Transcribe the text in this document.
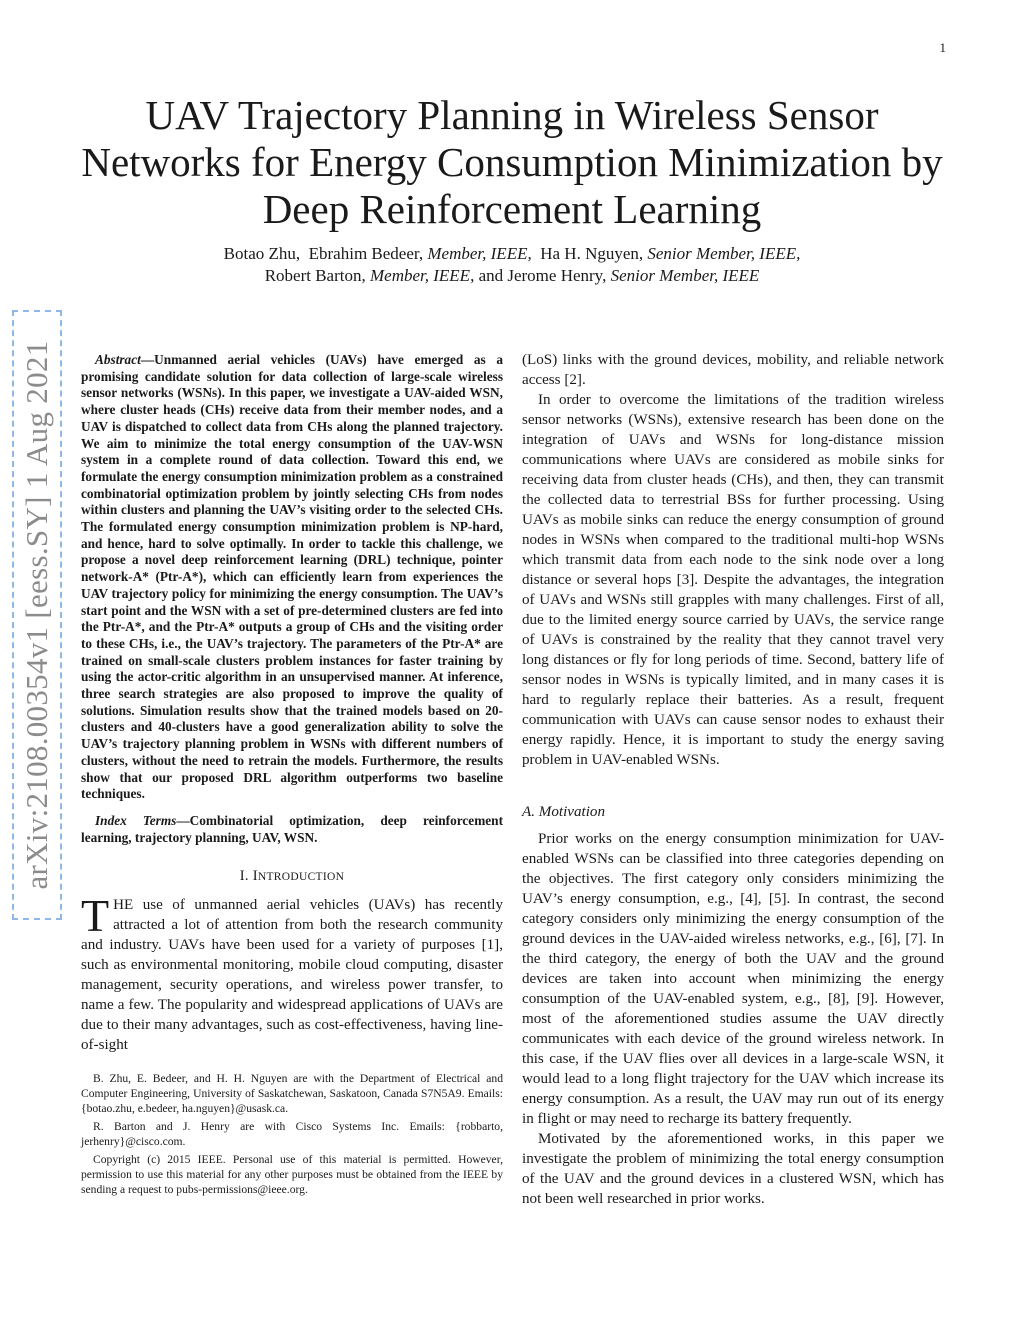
1
arXiv:2108.00354v1 [eess.SY] 1 Aug 2021
UAV Trajectory Planning in Wireless Sensor Networks for Energy Consumption Minimization by Deep Reinforcement Learning
Botao Zhu, Ebrahim Bedeer, Member, IEEE, Ha H. Nguyen, Senior Member, IEEE,
Robert Barton, Member, IEEE, and Jerome Henry, Senior Member, IEEE

Abstract—Unmanned aerial vehicles (UAVs) have emerged as a promising candidate solution for data collection of large-scale wireless sensor networks (WSNs). In this paper, we investigate a UAV-aided WSN, where cluster heads (CHs) receive data from their member nodes, and a UAV is dispatched to collect data from CHs along the planned trajectory. We aim to minimize the total energy consumption of the UAV-WSN system in a complete round of data collection. Toward this end, we formulate the energy consumption minimization problem as a constrained combinatorial optimization problem by jointly selecting CHs from nodes within clusters and planning the UAV’s visiting order to the selected CHs. The formulated energy consumption minimization problem is NP-hard, and hence, hard to solve optimally. In order to tackle this challenge, we propose a novel deep reinforcement learning (DRL) technique, pointer network-A* (Ptr-A*), which can efficiently learn from experiences the UAV trajectory policy for minimizing the energy consumption. The UAV’s start point and the WSN with a set of pre-determined clusters are fed into the Ptr-A*, and the Ptr-A* outputs a group of CHs and the visiting order to these CHs, i.e., the UAV’s trajectory. The parameters of the Ptr-A* are trained on small-scale clusters problem instances for faster training by using the actor-critic algorithm in an unsupervised manner. At inference, three search strategies are also proposed to improve the quality of solutions. Simulation results show that the trained models based on 20-clusters and 40-clusters have a good generalization ability to solve the UAV’s trajectory planning problem in WSNs with different numbers of clusters, without the need to retrain the models. Furthermore, the results show that our proposed DRL algorithm outperforms two baseline techniques.

Index Terms—Combinatorial optimization, deep reinforcement learning, trajectory planning, UAV, WSN.

I. INTRODUCTION

THE use of unmanned aerial vehicles (UAVs) has recently attracted a lot of attention from both the research community and industry. UAVs have been used for a variety of purposes [1], such as environmental monitoring, mobile cloud computing, disaster management, security operations, and wireless power transfer, to name a few. The popularity and widespread applications of UAVs are due to their many advantages, such as cost-effectiveness, having line-of-sight

B. Zhu, E. Bedeer, and H. H. Nguyen are with the Department of Electrical and Computer Engineering, University of Saskatchewan, Saskatoon, Canada S7N5A9. Emails: {botao.zhu, e.bedeer, ha.nguyen}@usask.ca.

R. Barton and J. Henry are with Cisco Systems Inc. Emails: {robbarto, jerhenry}@cisco.com.

Copyright (c) 2015 IEEE. Personal use of this material is permitted. However, permission to use this material for any other purposes must be obtained from the IEEE by sending a request to pubs-permissions@ieee.org.

(LoS) links with the ground devices, mobility, and reliable network access [2].

In order to overcome the limitations of the tradition wireless sensor networks (WSNs), extensive research has been done on the integration of UAVs and WSNs for long-distance mission communications where UAVs are considered as mobile sinks for receiving data from cluster heads (CHs), and then, they can transmit the collected data to terrestrial BSs for further processing. Using UAVs as mobile sinks can reduce the energy consumption of ground nodes in WSNs when compared to the traditional multi-hop WSNs which transmit data from each node to the sink node over a long distance or several hops [3]. Despite the advantages, the integration of UAVs and WSNs still grapples with many challenges. First of all, due to the limited energy source carried by UAVs, the service range of UAVs is constrained by the reality that they cannot travel very long distances or fly for long periods of time. Second, battery life of sensor nodes in WSNs is typically limited, and in many cases it is hard to regularly replace their batteries. As a result, frequent communication with UAVs can cause sensor nodes to exhaust their energy rapidly. Hence, it is important to study the energy saving problem in UAV-enabled WSNs.

A. Motivation

Prior works on the energy consumption minimization for UAV-enabled WSNs can be classified into three categories depending on the objectives. The first category only considers minimizing the UAV’s energy consumption, e.g., [4], [5]. In contrast, the second category considers only minimizing the energy consumption of the ground devices in the UAV-aided wireless networks, e.g., [6], [7]. In the third category, the energy of both the UAV and the ground devices are taken into account when minimizing the energy consumption of the UAV-enabled system, e.g., [8], [9]. However, most of the aforementioned studies assume the UAV directly communicates with each device of the ground wireless network. In this case, if the UAV flies over all devices in a large-scale WSN, it would lead to a long flight trajectory for the UAV which increase its energy consumption. As a result, the UAV may run out of its energy in flight or may need to recharge its battery frequently.

Motivated by the aforementioned works, in this paper we investigate the problem of minimizing the total energy consumption of the UAV and the ground devices in a clustered WSN, which has not been well researched in prior works.
